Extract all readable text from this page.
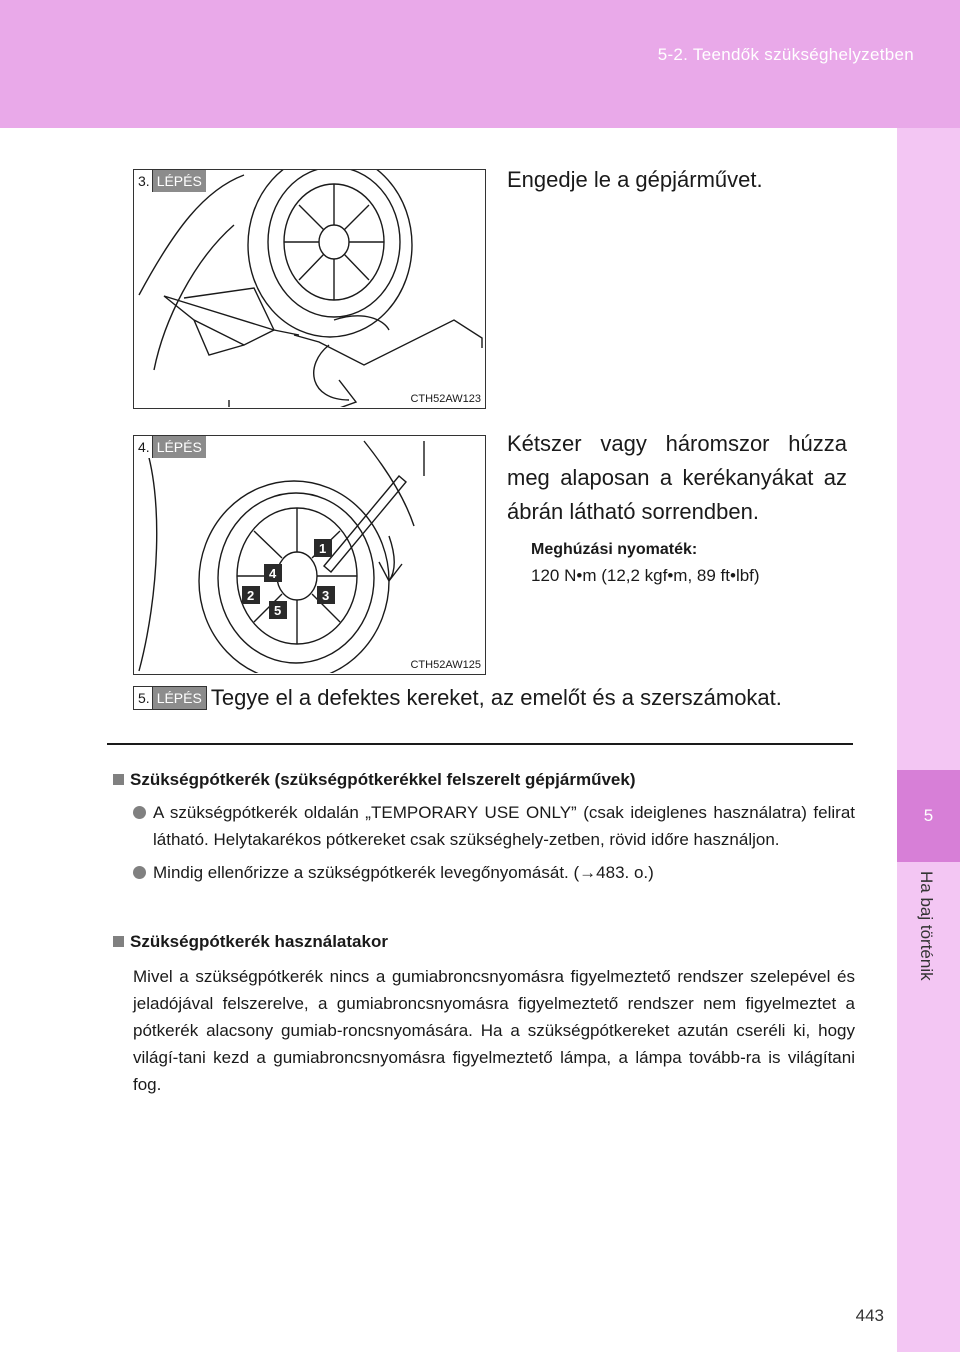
5-2. Teendők szükséghelyzetben
5
Ha baj történik
3. LÉPÉS
CTH52AW123
Engedje le a gépjárművet.
1
4
3
5
2
4. LÉPÉS
CTH52AW125
Kétszer vagy háromszor húzza meg alaposan a kerékanyákat az ábrán látható sorrendben.
Meghúzási nyomaték:
120 N•m (12,2 kgf•m, 89 ft•lbf)
5. LÉPÉS Tegye el a defektes kereket, az emelőt és a szerszámokat.
Szükségpótkerék (szükségpótkerékkel felszerelt gépjárművek)
A szükségpótkerék oldalán „TEMPORARY USE ONLY” (csak ideiglenes használatra) felirat látható. Helytakarékos pótkereket csak szükséghely-zetben, rövid időre használjon.
Mindig ellenőrizze a szükségpótkerék levegőnyomását. (→483. o.)
Szükségpótkerék használatakor
Mivel a szükségpótkerék nincs a gumiabroncsnyomásra figyelmeztető rendszer szelepével és jeladójával felszerelve, a gumiabroncsnyomásra figyelmeztető rendszer nem figyelmeztet a pótkerék alacsony gumiab-roncsnyomására. Ha a szükségpótkereket azután cseréli ki, hogy világí-tani kezd a gumiabroncsnyomásra figyelmeztető lámpa, a lámpa tovább-ra is világítani fog.
443
